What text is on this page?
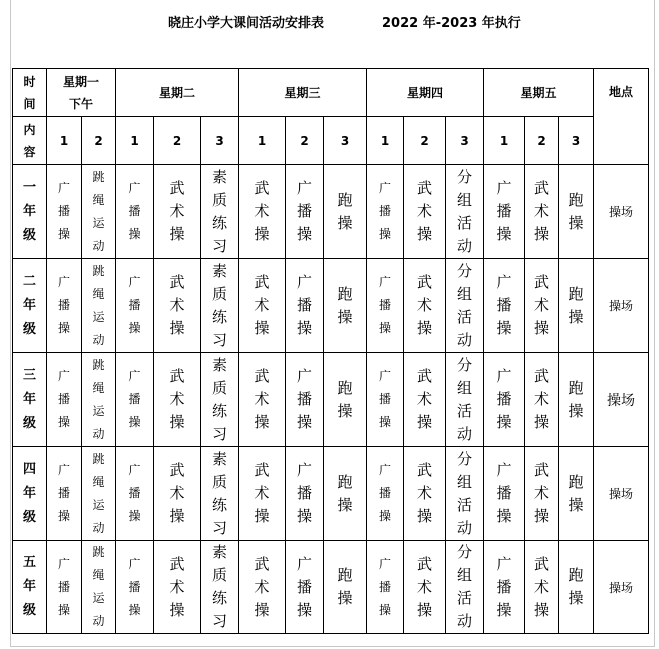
晓庄小学大课间活动安排表	2022 年-2023 年执行
时
间	星期一
下午		星期二			星期三			星期四			星期五			地点

内
容	1	2	1	2	3	1	2	3	1	2	3	1	2	3	

一
年
级	广
播
操	跳
绳
运
动	广
播
操	武
术
操	素
质
练
习	武
术
操	广
播
操	跑
操	广
播
操	武
术
操	分
组
活
动	广
播
操	武
术
操	跑
操	操场

二
年
级	广
播
操	跳
绳
运
动	广
播
操	武
术
操	素
质
练
习	武
术
操	广
播
操	跑
操	广
播
操	武
术
操	分
组
活
动	广
播
操	武
术
操	跑
操	操场

三
年
级	广
播
操	跳
绳
运
动	广
播
操	武
术
操	素
质
练
习	武
术
操	广
播
操	跑
操	广
播
操	武
术
操	分
组
活
动	广
播
操	武
术
操	跑
操	操场

四
年
级	广
播
操	跳
绳
运
动	广
播
操	武
术
操	素
质
练
习	武
术
操	广
播
操	跑
操	广
播
操	武
术
操	分
组
活
动	广
播
操	武
术
操	跑
操	操场

五
年
级	广
播
操	跳
绳
运
动	广
播
操	武
术
操	素
质
练
习	武
术
操	广
播
操	跑
操	广
播
操	武
术
操	分
组
活
动	广
播
操	武
术
操	跑
操	操场
